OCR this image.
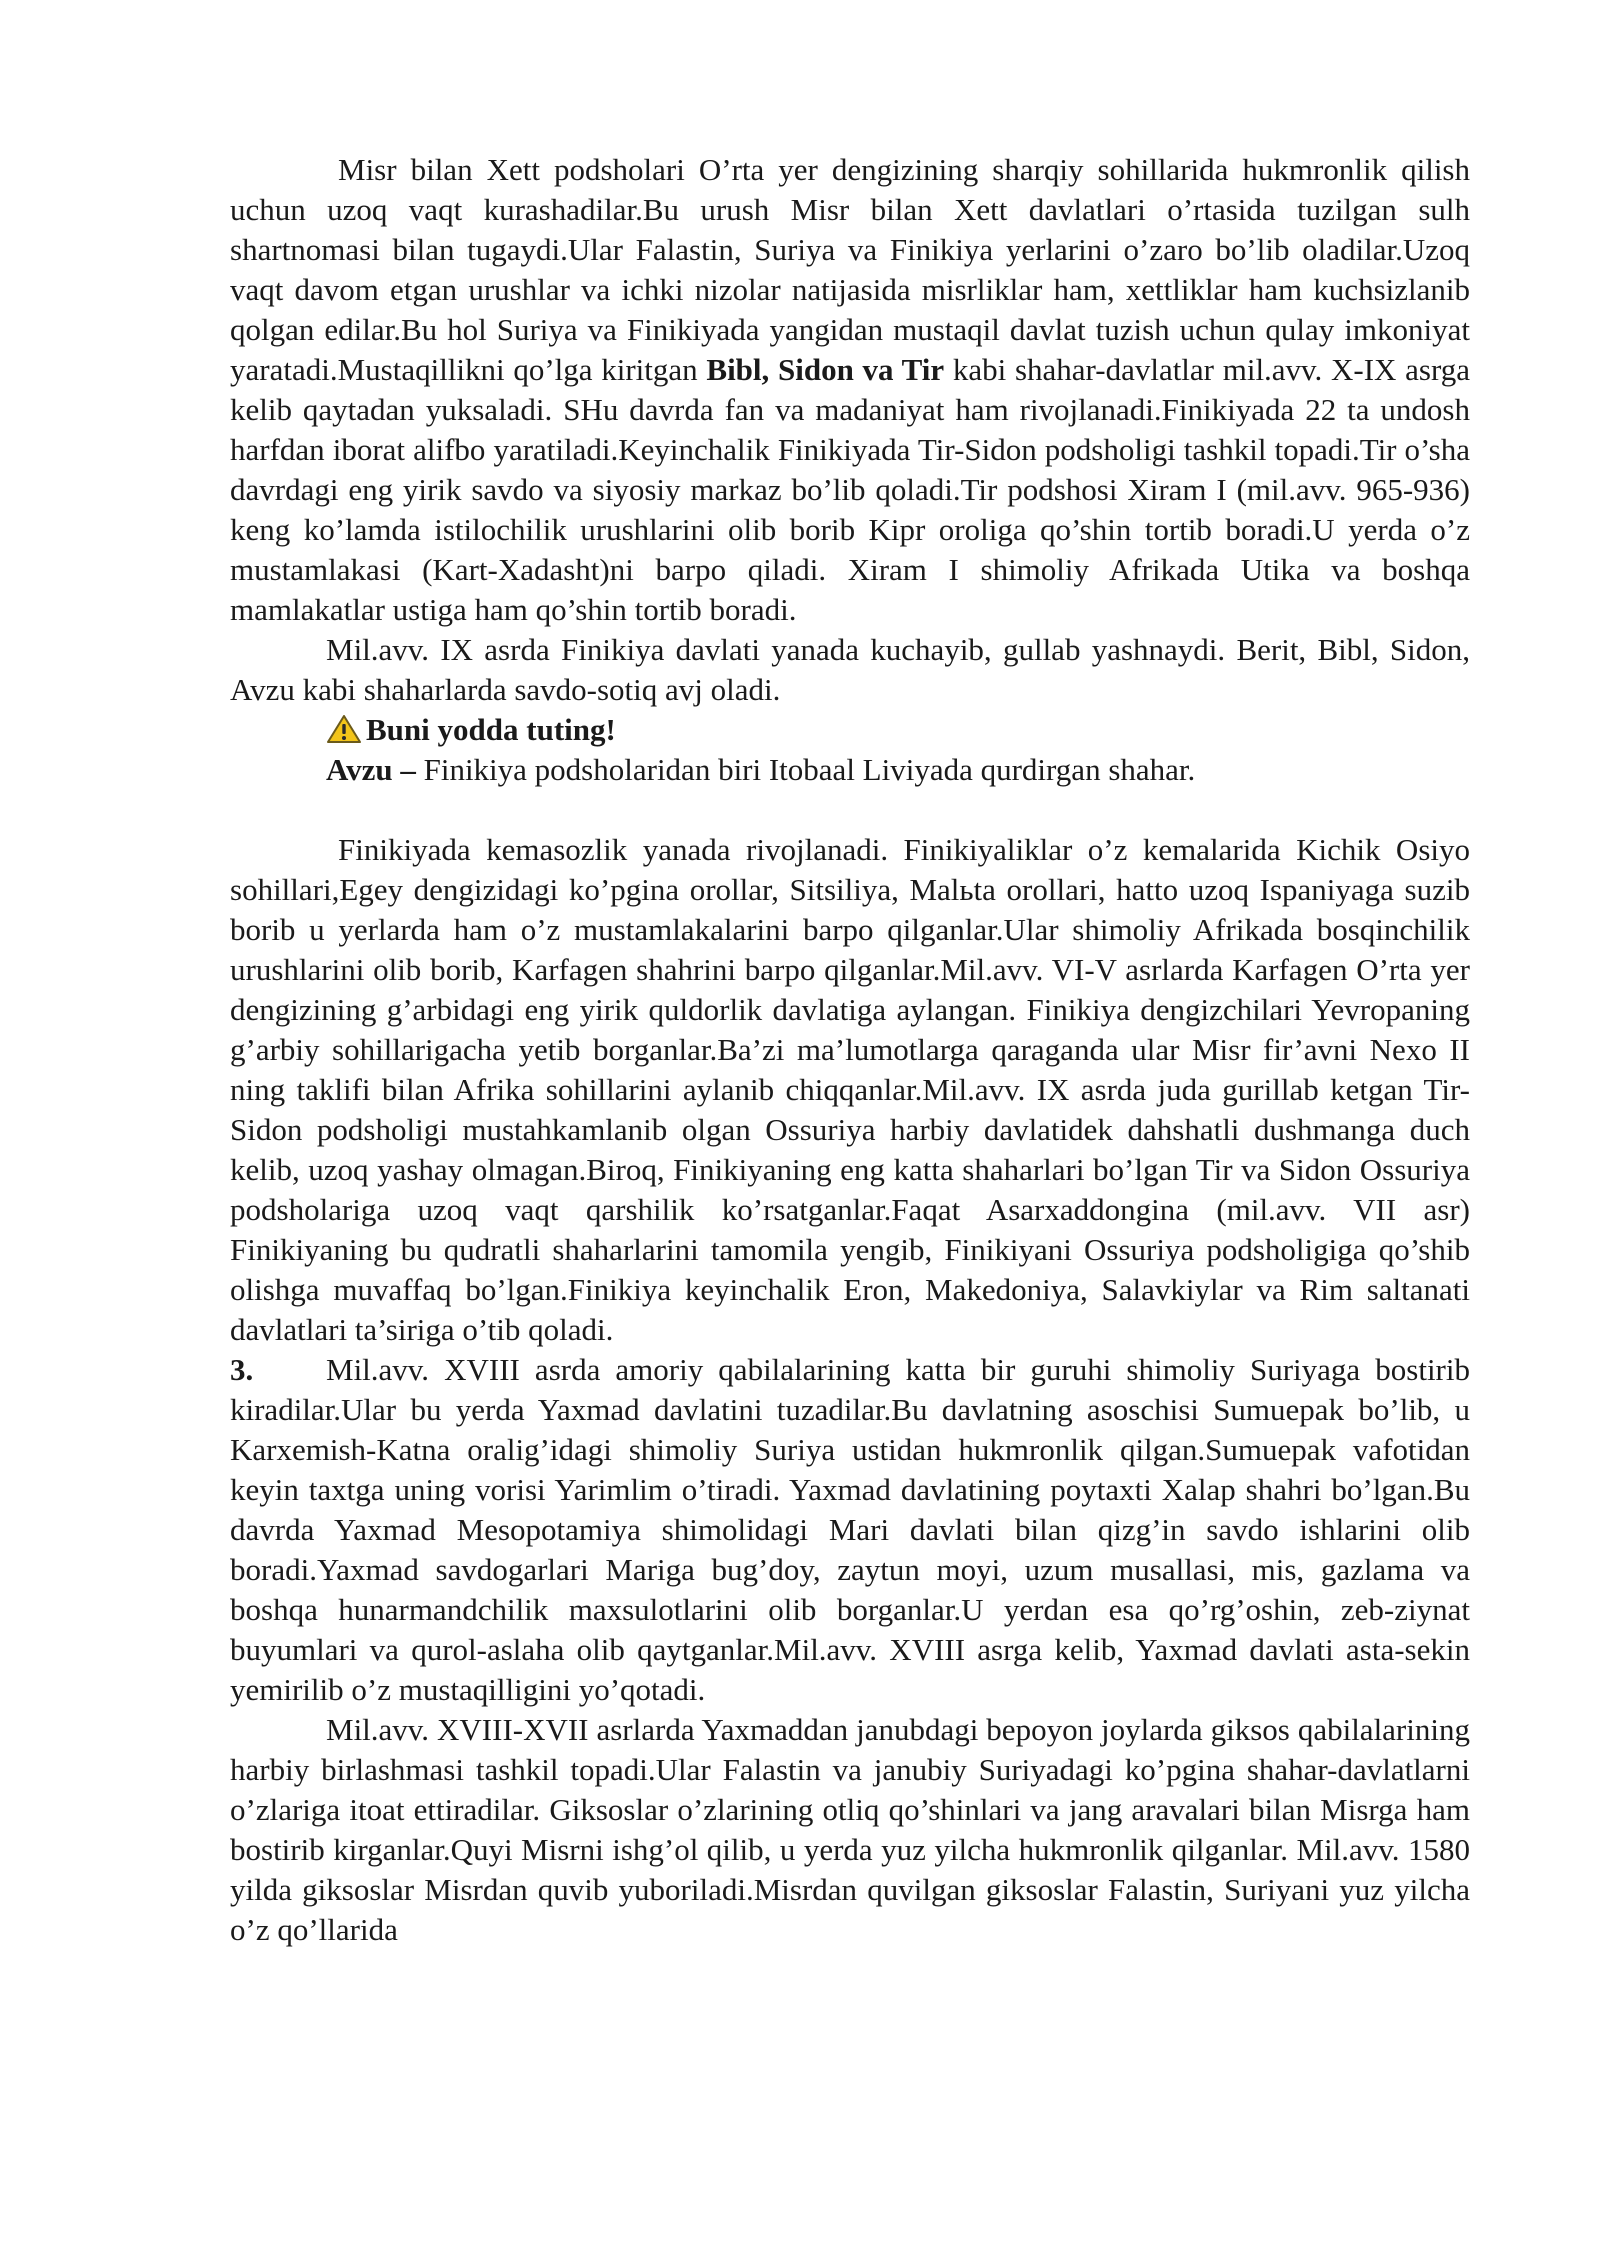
Misr bilan Xett podsholari O’rta yer dengizining sharqiy sohillarida hukmronlik qilish uchun uzoq vaqt kurashadilar.Bu urush Misr bilan Xett davlatlari o’rtasida tuzilgan sulh shartnomasi bilan tugaydi.Ular Falastin, Suriya va Finikiya yerlarini o’zaro bo’lib oladilar.Uzoq vaqt davom etgan urushlar va ichki nizolar natijasida misrliklar ham, xettliklar ham kuchsizlanib qolgan edilar.Bu hol Suriya va Finikiyada yangidan mustaqil davlat tuzish uchun qulay imkoniyat yaratadi.Mustaqillikni qo’lga kiritgan Bibl, Sidon va Tir kabi shahar-davlatlar mil.avv. X-IX asrga kelib qaytadan yuksaladi. SHu davrda fan va madaniyat ham rivojlanadi.Finikiyada 22 ta undosh harfdan iborat alifbo yaratiladi.Keyinchalik Finikiyada Tir-Sidon podsholigi tashkil topadi.Tir o’sha davrdagi eng yirik savdo va siyosiy markaz bo’lib qoladi.Tir podshosi Xiram I (mil.avv. 965-936) keng ko’lamda istilochilik urushlarini olib borib Kipr oroliga qo’shin tortib boradi.U yerda o’z mustamlakasi (Kart-Xadasht)ni barpo qiladi. Xiram I shimoliy Afrikada Utika va boshqa mamlakatlar ustiga ham qo’shin tortib boradi.

Mil.avv. IX asrda Finikiya davlati yanada kuchayib, gullab yashnaydi. Berit, Bibl, Sidon, Avzu kabi shaharlarda savdo-sotiq avj oladi.

Buni yodda tuting!

Avzu – Finikiya podsholaridan biri Itobaal Liviyada qurdirgan shahar.

Finikiyada kemasozlik yanada rivojlanadi. Finikiyaliklar o’z kemalarida Kichik Osiyo sohillari,Egey dengizidagi ko’pgina orollar, Sitsiliya, Malьta orollari, hatto uzoq Ispaniyaga suzib borib u yerlarda ham o’z mustamlakalarini barpo qilganlar.Ular shimoliy Afrikada bosqinchilik urushlarini olib borib, Karfagen shahrini barpo qilganlar.Mil.avv. VI-V asrlarda Karfagen O’rta yer dengizining g’arbidagi eng yirik quldorlik davlatiga aylangan. Finikiya dengizchilari Yevropaning g’arbiy sohillarigacha yetib borganlar.Ba’zi ma’lumotlarga qaraganda ular Misr fir’avni Nexo II ning taklifi bilan Afrika sohillarini aylanib chiqqanlar.Mil.avv. IX asrda juda gurillab ketgan Tir-Sidon podsholigi mustahkamlanib olgan Ossuriya harbiy davlatidek dahshatli dushmanga duch kelib, uzoq yashay olmagan.Biroq, Finikiyaning eng katta shaharlari bo’lgan Tir va Sidon Ossuriya podsholariga uzoq vaqt qarshilik ko’rsatganlar.Faqat Asarxaddongina (mil.avv. VII asr) Finikiyaning bu qudratli shaharlarini tamomila yengib, Finikiyani Ossuriya podsholigiga qo’shib olishga muvaffaq bo’lgan.Finikiya keyinchalik Eron, Makedoniya, Salavkiylar va Rim saltanati davlatlari ta’siriga o’tib qoladi.

3. Mil.avv. XVIII asrda amoriy qabilalarining katta bir guruhi shimoliy Suriyaga bostirib kiradilar.Ular bu yerda Yaxmad davlatini tuzadilar.Bu davlatning asoschisi Sumuepak bo’lib, u Karxemish-Katna oralig’idagi shimoliy Suriya ustidan hukmronlik qilgan.Sumuepak vafotidan keyin taxtga uning vorisi Yarimlim o’tiradi. Yaxmad davlatining poytaxti Xalap shahri bo’lgan.Bu davrda Yaxmad Mesopotamiya shimolidagi Mari davlati bilan qizg’in savdo ishlarini olib boradi.Yaxmad savdogarlari Mariga bug’doy, zaytun moyi, uzum musallasi, mis, gazlama va boshqa hunarmandchilik maxsulotlarini olib borganlar.U yerdan esa qo’rg’oshin, zeb-ziynat buyumlari va qurol-aslaha olib qaytganlar.Mil.avv. XVIII asrga kelib, Yaxmad davlati asta-sekin yemirilib o’z mustaqilligini yo’qotadi.

Mil.avv. XVIII-XVII asrlarda Yaxmaddan janubdagi bepoyon joylarda giksos qabilalarining harbiy birlashmasi tashkil topadi.Ular Falastin va janubiy Suriyadagi ko’pgina shahar-davlatlarni o’zlariga itoat ettiradilar. Giksoslar o’zlarining otliq qo’shinlari va jang aravalari bilan Misrga ham bostirib kirganlar.Quyi Misrni ishg’ol qilib, u yerda yuz yilcha hukmronlik qilganlar. Mil.avv. 1580 yilda giksoslar Misrdan quvib yuboriladi.Misrdan quvilgan giksoslar Falastin, Suriyani yuz yilcha o’z qo’llarida
